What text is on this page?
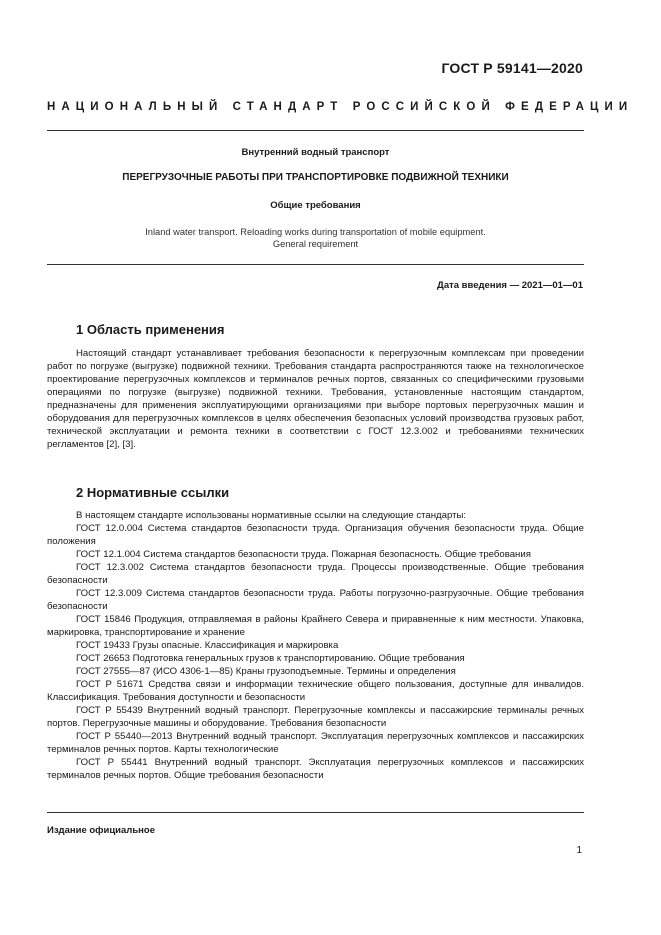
ГОСТ Р 59141—2020
НАЦИОНАЛЬНЫЙ СТАНДАРТ РОССИЙСКОЙ ФЕДЕРАЦИИ
Внутренний водный транспорт
ПЕРЕГРУЗОЧНЫЕ РАБОТЫ ПРИ ТРАНСПОРТИРОВКЕ ПОДВИЖНОЙ ТЕХНИКИ
Общие требования
Inland water transport. Reloading works during transportation of mobile equipment.
General requirement
Дата введения — 2021—01—01
1 Область применения

Настоящий стандарт устанавливает требования безопасности к перегрузочным комплексам при проведении работ по погрузке (выгрузке) подвижной техники. Требования стандарта распространяются также на технологическое проектирование перегрузочных комплексов и терминалов речных портов, связанных со специфическими грузовыми операциями по погрузке (выгрузке) подвижной техники. Требования, установленные настоящим стандартом, предназначены для применения эксплуатирующими организациями при выборе портовых перегрузочных машин и оборудования для перегрузочных комплексов в целях обеспечения безопасных условий производства грузовых работ, технической эксплуатации и ремонта техники в соответствии с ГОСТ 12.3.002 и требованиями технических регламентов [2], [3].

2 Нормативные ссылки

В настоящем стандарте использованы нормативные ссылки на следующие стандарты:

ГОСТ 12.0.004 Система стандартов безопасности труда. Организация обучения безопасности труда. Общие положения

ГОСТ 12.1.004 Система стандартов безопасности труда. Пожарная безопасность. Общие требования

ГОСТ 12.3.002 Система стандартов безопасности труда. Процессы производственные. Общие требования безопасности

ГОСТ 12.3.009 Система стандартов безопасности труда. Работы погрузочно-разгрузочные. Общие требования безопасности

ГОСТ 15846 Продукция, отправляемая в районы Крайнего Севера и приравненные к ним местности. Упаковка, маркировка, транспортирование и хранение

ГОСТ 19433 Грузы опасные. Классификация и маркировка

ГОСТ 26653 Подготовка генеральных грузов к транспортированию. Общие требования

ГОСТ 27555—87 (ИСО 4306-1—85) Краны грузоподъемные. Термины и определения

ГОСТ Р 51671 Средства связи и информации технические общего пользования, доступные для инвалидов. Классификация. Требования доступности и безопасности

ГОСТ Р 55439 Внутренний водный транспорт. Перегрузочные комплексы и пассажирские терминалы речных портов. Перегрузочные машины и оборудование. Требования безопасности

ГОСТ Р 55440—2013 Внутренний водный транспорт. Эксплуатация перегрузочных комплексов и пассажирских терминалов речных портов. Карты технологические

ГОСТ Р 55441 Внутренний водный транспорт. Эксплуатация перегрузочных комплексов и пассажирских терминалов речных портов. Общие требования безопасности

Издание официальное
1
